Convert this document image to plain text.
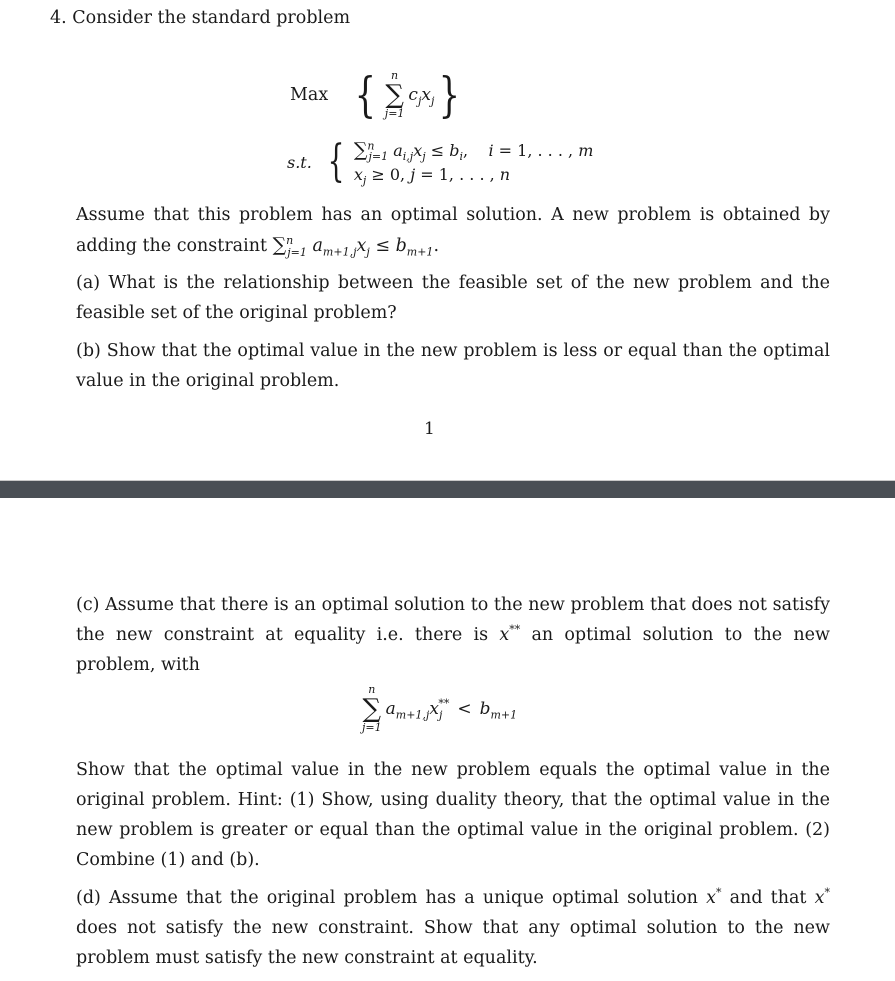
4. Consider the standard problem

Max { n
∑
j=1
$c_jx_j$ }
s.t. { ∑$^n_{j=1}$ $a_{i,j}x_j \le b_i$,    i = 1, . . . , m
$x_j \ge 0$, j = 1, . . . , n

Assume that this problem has an optimal solution. A new problem is obtained by adding the constraint ∑$^n_{j=1}$ $a_{m+1,j}x_j \le b_{m+1}$.

(a) What is the relationship between the feasible set of the new problem and the feasible set of the original problem?

(b) Show that the optimal value in the new problem is less or equal than the optimal value in the original problem.

1

(c) Assume that there is an optimal solution to the new problem that does not satisfy the new constraint at equality i.e. there is x** an optimal solution to the new problem, with

n
∑
j=1
$a_{m+1,j}x_j^{**} < b_{m+1}$

Show that the optimal value in the new problem equals the optimal value in the original problem. Hint: (1) Show, using duality theory, that the optimal value in the new problem is greater or equal than the optimal value in the original problem. (2) Combine (1) and (b).

(d) Assume that the original problem has a unique optimal solution x* and that x* does not satisfy the new constraint. Show that any optimal solution to the new problem must satisfy the new constraint at equality.
